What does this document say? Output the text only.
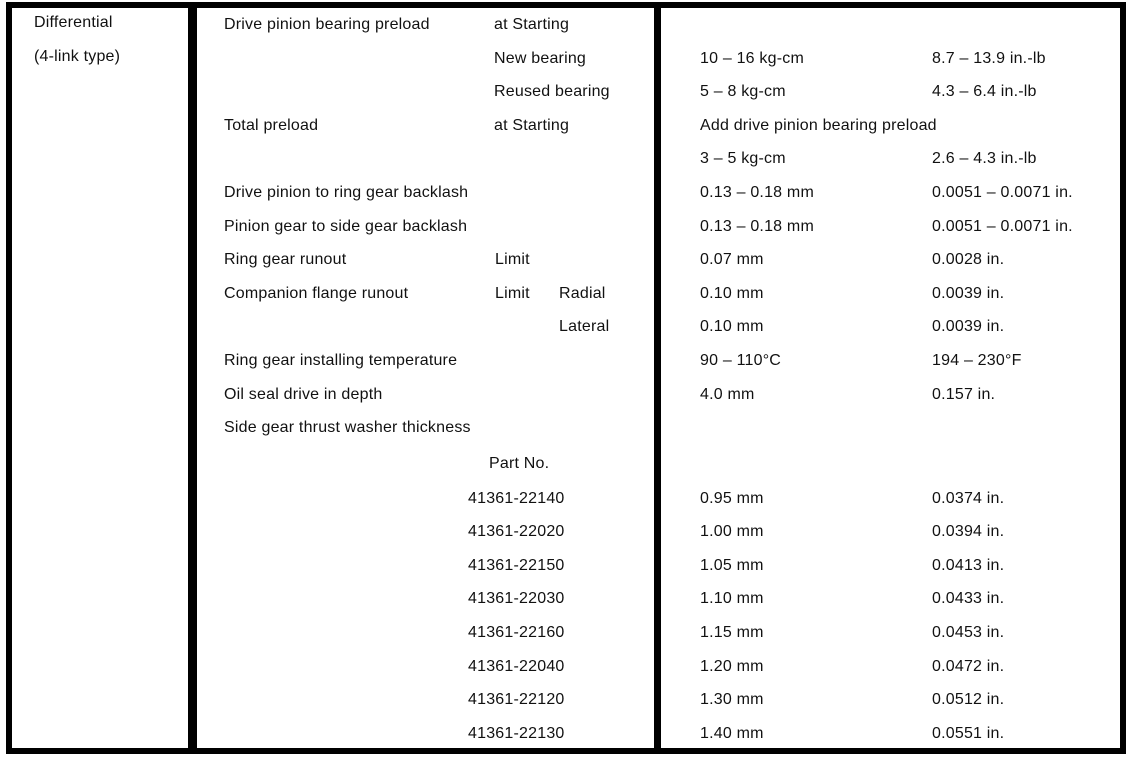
Differential
(4-link type)
Drive pinion bearing preload	at Starting
New bearing	10 – 16 kg-cm	8.7 – 13.9 in.-lb
Reused bearing	5 – 8 kg-cm	4.3 – 6.4 in.-lb
Total preload	at Starting	Add drive pinion bearing preload
3 – 5 kg-cm	2.6 – 4.3 in.-lb
Drive pinion to ring gear backlash	0.13 – 0.18 mm	0.0051 – 0.0071 in.
Pinion gear to side gear backlash	0.13 – 0.18 mm	0.0051 – 0.0071 in.
Ring gear runout	Limit	0.07 mm	0.0028 in.
Companion flange runout	Limit Radial	0.10 mm	0.0039 in.
Lateral	0.10 mm	0.0039 in.
Ring gear installing temperature	90 – 110°C	194 – 230°F
Oil seal drive in depth	4.0 mm	0.157 in.
Side gear thrust washer thickness
Part No.
41361-22140	0.95 mm	0.0374 in.
41361-22020	1.00 mm	0.0394 in.
41361-22150	1.05 mm	0.0413 in.
41361-22030	1.10 mm	0.0433 in.
41361-22160	1.15 mm	0.0453 in.
41361-22040	1.20 mm	0.0472 in.
41361-22120	1.30 mm	0.0512 in.
41361-22130	1.40 mm	0.0551 in.
